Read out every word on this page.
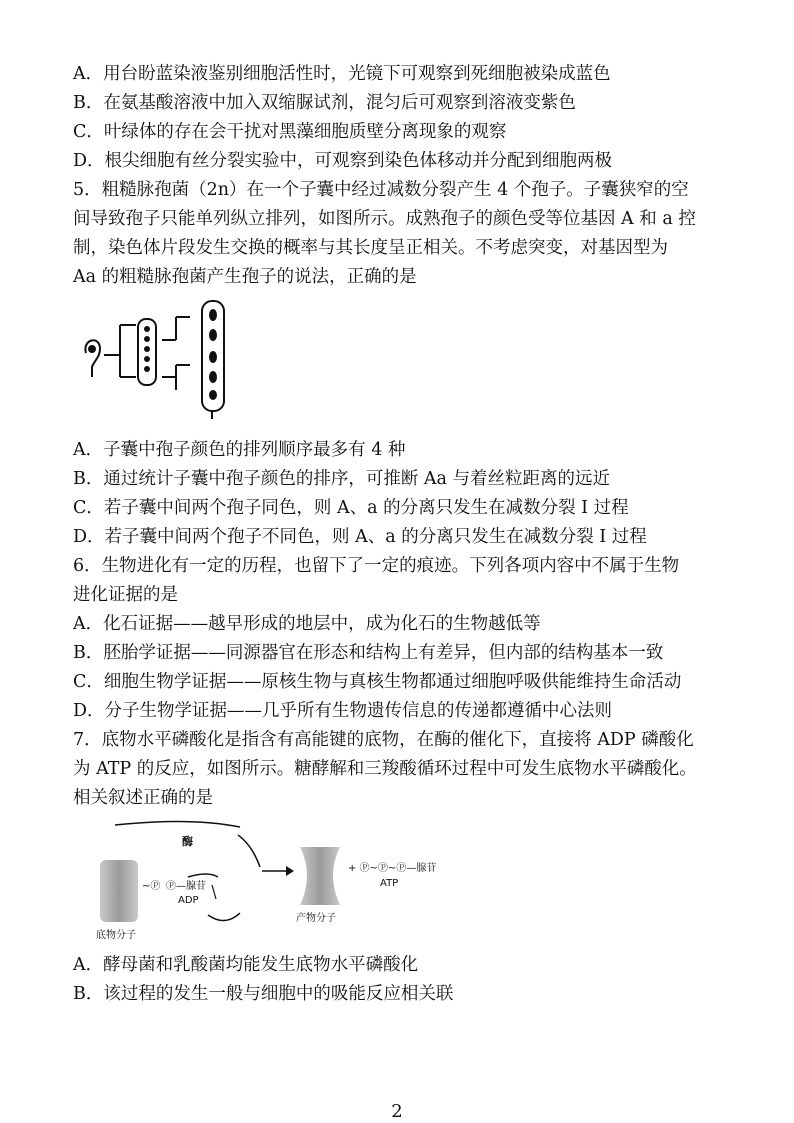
A．用台盼蓝染液鉴别细胞活性时，光镜下可观察到死细胞被染成蓝色
B．在氨基酸溶液中加入双缩脲试剂，混匀后可观察到溶液变紫色
C．叶绿体的存在会干扰对黑藻细胞质壁分离现象的观察
D．根尖细胞有丝分裂实验中，可观察到染色体移动并分配到细胞两极
5．粗糙脉孢菌（2n）在一个子囊中经过减数分裂产生 4 个孢子。子囊狭窄的空
间导致孢子只能单列纵立排列，如图所示。成熟孢子的颜色受等位基因 A 和 a 控
制，染色体片段发生交换的概率与其长度呈正相关。不考虑突变，对基因型为
Aa 的粗糙脉孢菌产生孢子的说法，正确的是
A．子囊中孢子颜色的排列顺序最多有 4 种
B．通过统计子囊中孢子颜色的排序，可推断 Aa 与着丝粒距离的远近
C．若子囊中间两个孢子同色，则 A、a 的分离只发生在减数分裂 I 过程
D．若子囊中间两个孢子不同色，则 A、a 的分离只发生在减数分裂 I 过程
6．生物进化有一定的历程，也留下了一定的痕迹。下列各项内容中不属于生物
进化证据的是
A．化石证据——越早形成的地层中，成为化石的生物越低等
B．胚胎学证据——同源器官在形态和结构上有差异，但内部的结构基本一致
C．细胞生物学证据——原核生物与真核生物都通过细胞呼吸供能维持生命活动
D．分子生物学证据——几乎所有生物遗传信息的传递都遵循中心法则
7．底物水平磷酸化是指含有高能键的底物，在酶的催化下，直接将 ADP 磷酸化
为 ATP 的反应，如图所示。糖酵解和三羧酸循环过程中可发生底物水平磷酸化。
相关叙述正确的是
酶
底物分子
~Ⓟ Ⓟ—腺苷
ADP
产物分子
+ Ⓟ~Ⓟ~Ⓟ—腺苷
ATP
A．酵母菌和乳酸菌均能发生底物水平磷酸化
B．该过程的发生一般与细胞中的吸能反应相关联
2
